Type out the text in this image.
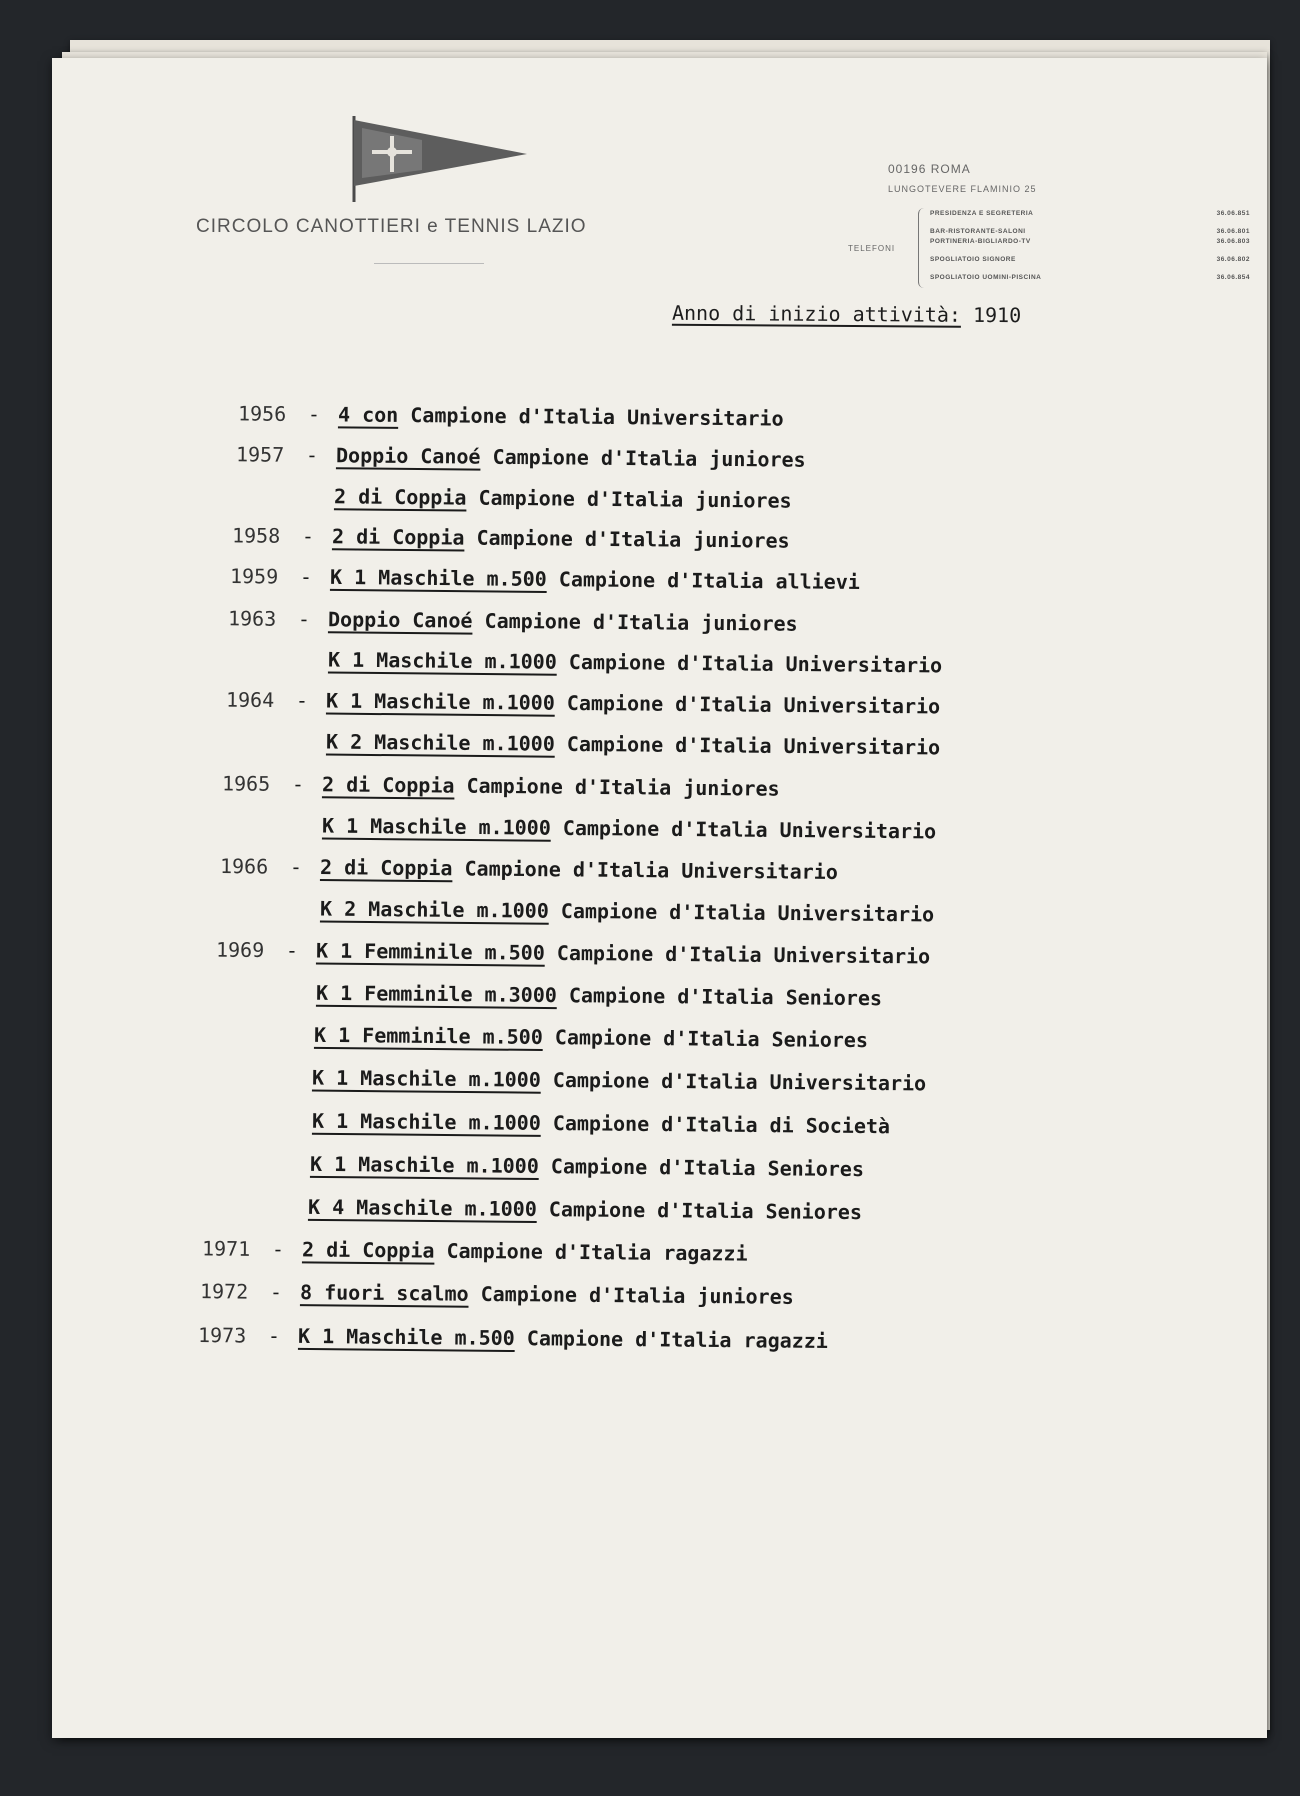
CIRCOLO CANOTTIERI e TENNIS LAZIO
00196 ROMA
LUNGOTEVERE FLAMINIO 25
TELEFONI
PRESIDENZA E SEGRETERIA	36.06.851
BAR-RISTORANTE-SALONI	36.06.801
PORTINERIA-BIGLIARDO-TV	36.06.803
SPOGLIATOIO SIGNORE	36.06.802
SPOGLIATOIO UOMINI-PISCINA	36.06.854
Anno di inizio attività: 1910
1956 - 4 con Campione d'Italia Universitario
1957 - Doppio Canoé Campione d'Italia juniores
2 di Coppia Campione d'Italia juniores
1958 - 2 di Coppia Campione d'Italia juniores
1959 - K 1 Maschile m.500 Campione d'Italia allievi
1963 - Doppio Canoé Campione d'Italia juniores
K 1 Maschile m.1000 Campione d'Italia Universitario
1964 - K 1 Maschile m.1000 Campione d'Italia Universitario
K 2 Maschile m.1000 Campione d'Italia Universitario
1965 - 2 di Coppia Campione d'Italia juniores
K 1 Maschile m.1000 Campione d'Italia Universitario
1966 - 2 di Coppia Campione d'Italia Universitario
K 2 Maschile m.1000 Campione d'Italia Universitario
1969 - K 1 Femminile m.500 Campione d'Italia Universitario
K 1 Femminile m.3000 Campione d'Italia Seniores
K 1 Femminile m.500 Campione d'Italia Seniores
K 1 Maschile m.1000 Campione d'Italia Universitario
K 1 Maschile m.1000 Campione d'Italia di Società
K 1 Maschile m.1000 Campione d'Italia Seniores
K 4 Maschile m.1000 Campione d'Italia Seniores
1971 - 2 di Coppia Campione d'Italia ragazzi
1972 - 8 fuori scalmo Campione d'Italia juniores
1973 - K 1 Maschile m.500 Campione d'Italia ragazzi
